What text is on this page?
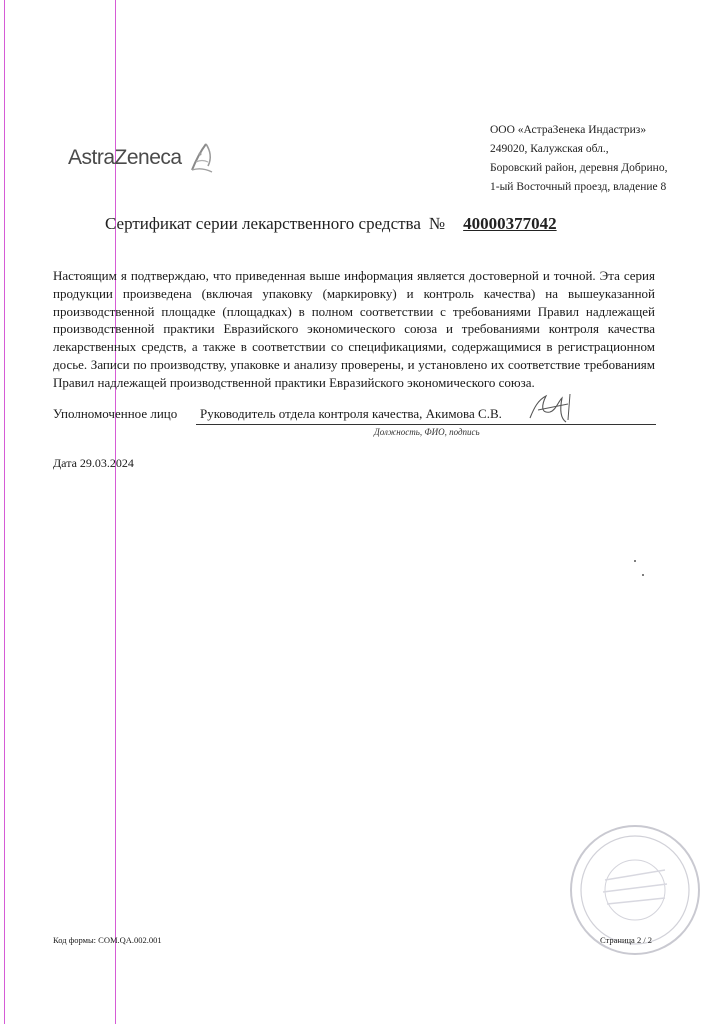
AstraZeneca
ООО «АстраЗенека Индастриз»
249020, Калужская обл.,
Боровский район, деревня Добрино,
1-ый Восточный проезд, владение 8
Сертификат серии лекарственного средства № 40000377042
Настоящим я подтверждаю, что приведенная выше информация является достоверной и точной. Эта серия продукции произведена (включая упаковку (маркировку) и контроль качества) на вышеуказанной производственной площадке (площадках) в полном соответствии с требованиями Правил надлежащей производственной практики Евразийского экономического союза и требованиями контроля качества лекарственных средств, а также в соответствии со спецификациями, содержащимися в регистрационном досье. Записи по производству, упаковке и анализу проверены, и установлено их соответствие требованиям Правил надлежащей производственной практики Евразийского экономического союза.
Уполномоченное лицо Руководитель отдела контроля качества, Акимова С.В.
Должность, ФИО, подпись
Дата 29.03.2024
Код формы: COM.QA.002.001	Страница 2 / 2
